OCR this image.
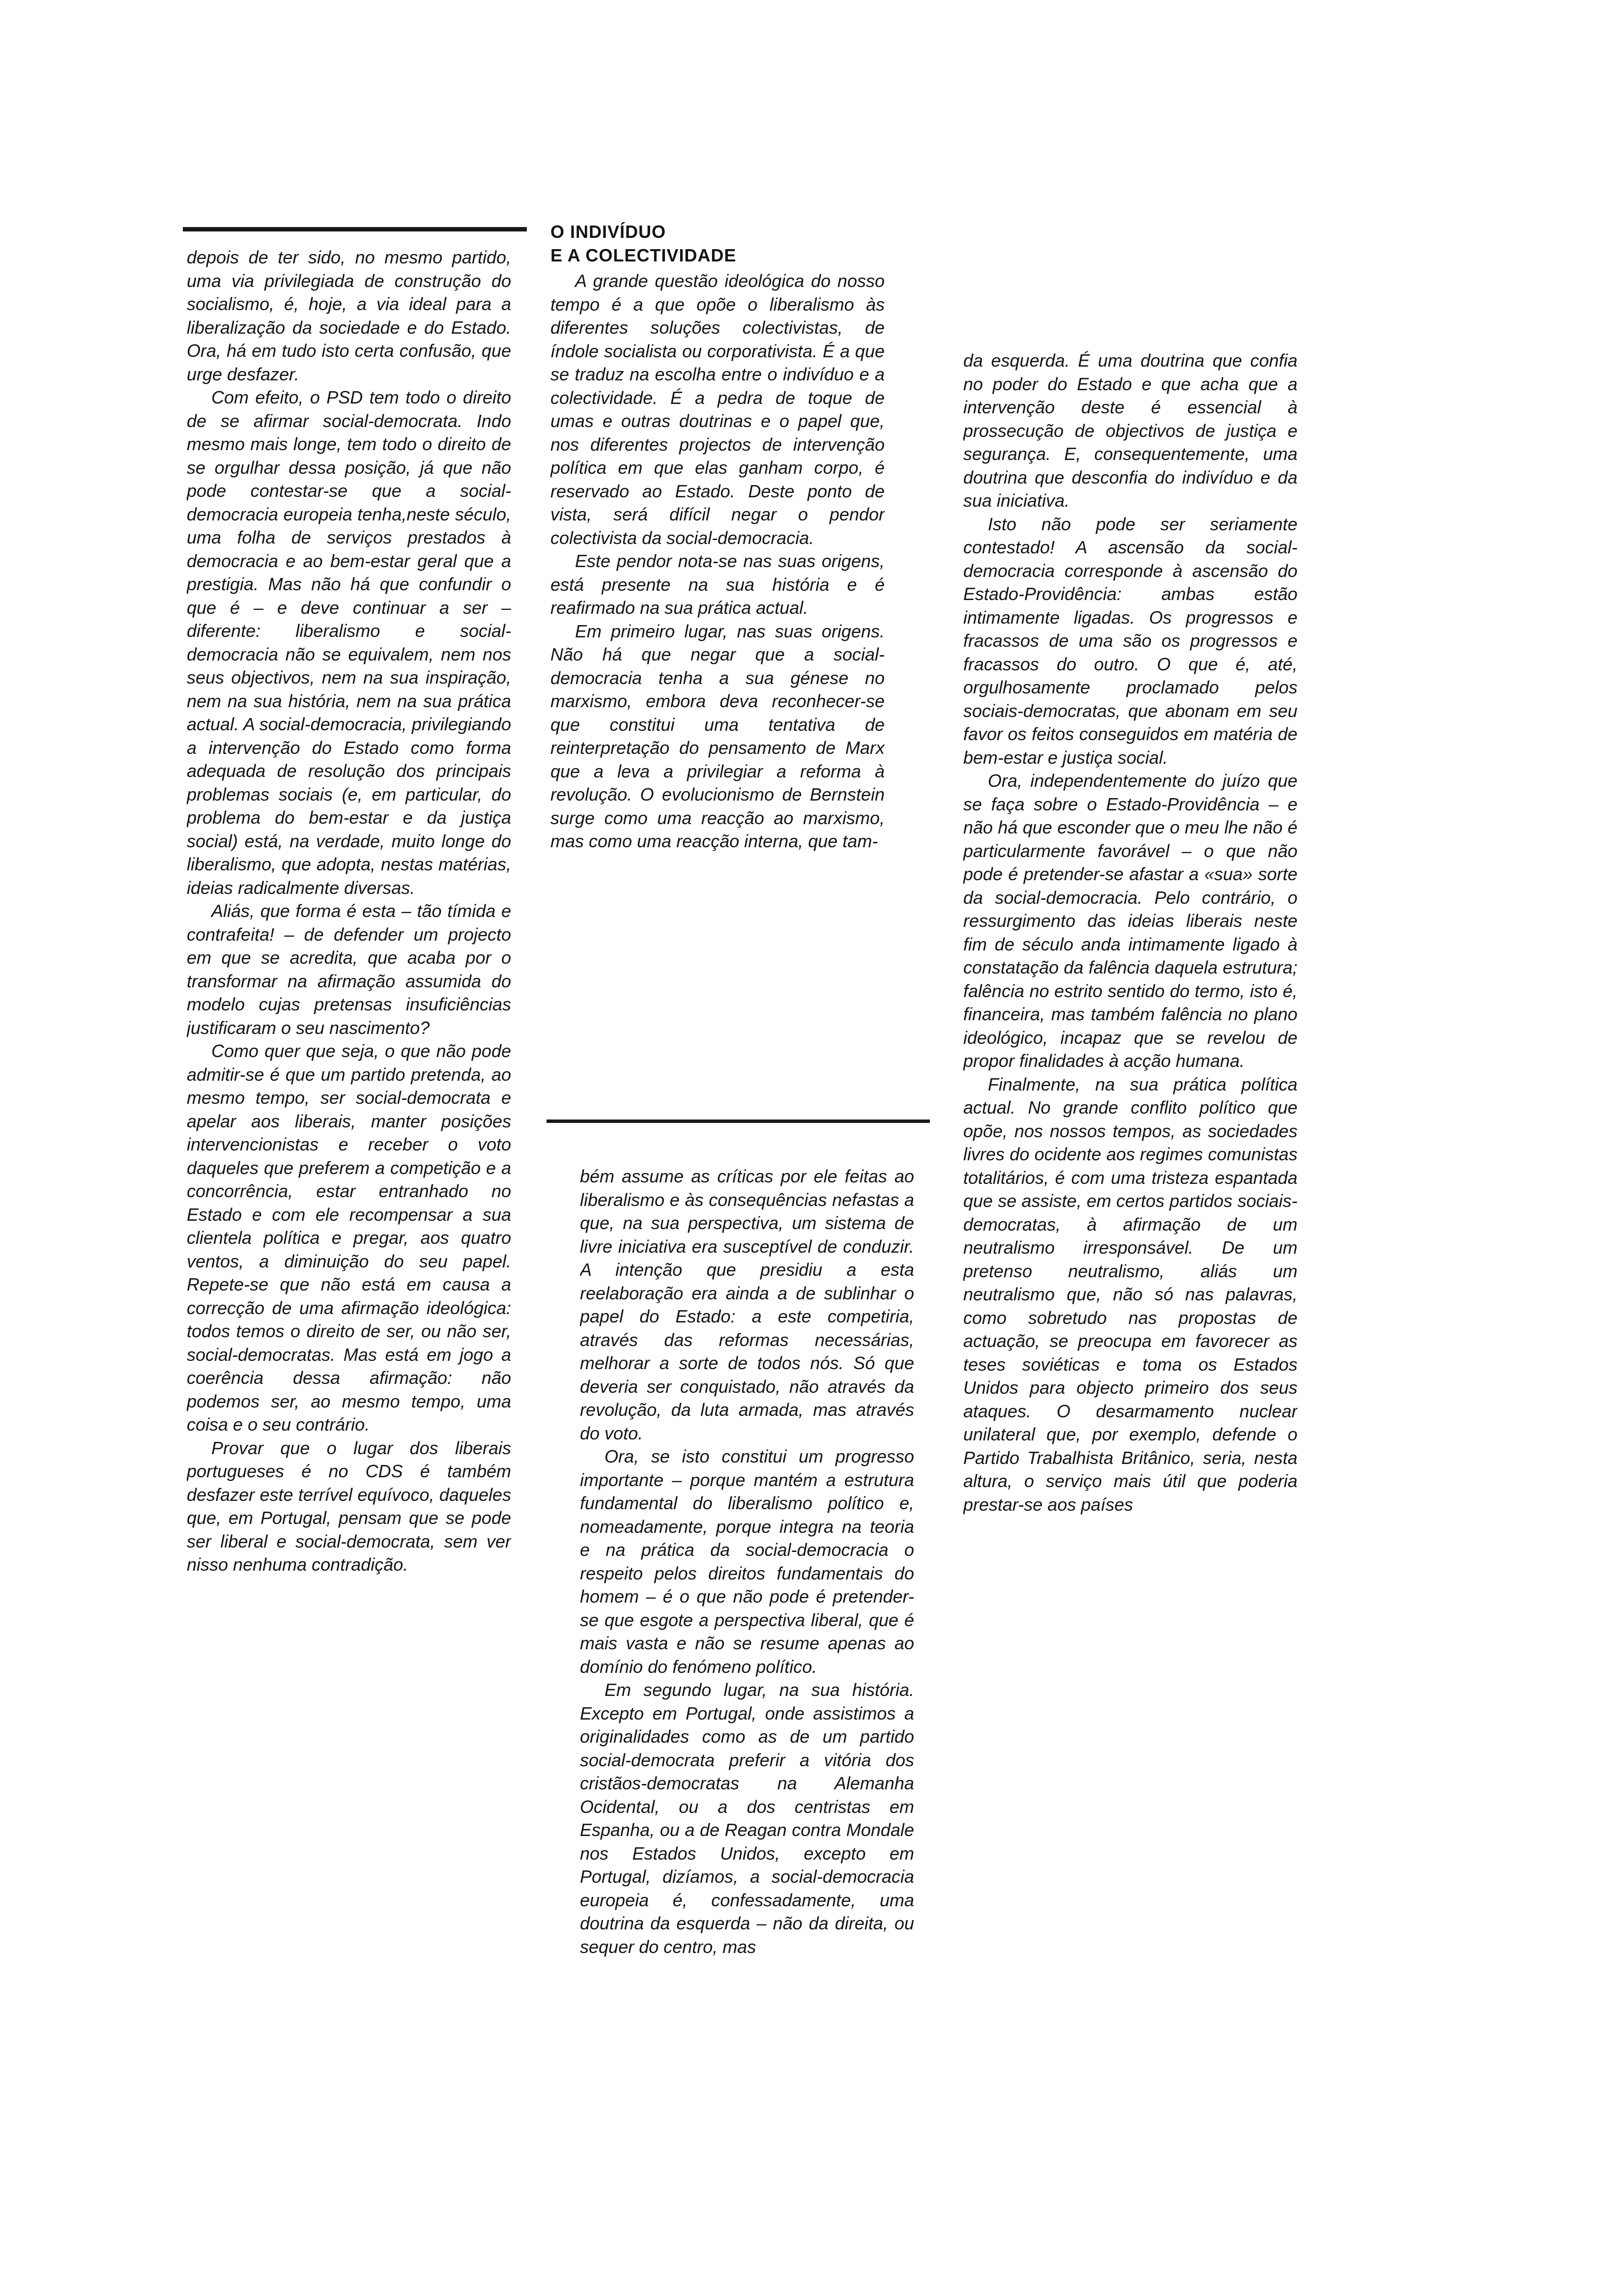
depois de ter sido, no mesmo partido, uma via privilegiada de construção do socialismo, é, hoje, a via ideal para a liberalização da sociedade e do Estado. Ora, há em tudo isto certa confusão, que urge desfazer.

Com efeito, o PSD tem todo o direito de se afirmar social-democrata. Indo mesmo mais longe, tem todo o direito de se orgulhar dessa posição, já que não pode contestar-se que a social-democracia europeia tenha,neste século, uma folha de serviços prestados à democracia e ao bem-estar geral que a prestigia. Mas não há que confundir o que é – e deve continuar a ser – diferente: liberalismo e social-democracia não se equivalem, nem nos seus objectivos, nem na sua inspiração, nem na sua história, nem na sua prática actual. A social-democracia, privilegiando a intervenção do Estado como forma adequada de resolução dos principais problemas sociais (e, em particular, do problema do bem-estar e da justiça social) está, na verdade, muito longe do liberalismo, que adopta, nestas matérias, ideias radicalmente diversas.

Aliás, que forma é esta – tão tímida e contrafeita! – de defender um projecto em que se acredita, que acaba por o transformar na afirmação assumida do modelo cujas pretensas insuficiências justificaram o seu nascimento?

Como quer que seja, o que não pode admitir-se é que um partido pretenda, ao mesmo tempo, ser social-democrata e apelar aos liberais, manter posições intervencionistas e receber o voto daqueles que preferem a competição e a concorrência, estar entranhado no Estado e com ele recompensar a sua clientela política e pregar, aos quatro ventos, a diminuição do seu papel. Repete-se que não está em causa a correcção de uma afirmação ideológica: todos temos o direito de ser, ou não ser, social-democratas. Mas está em jogo a coerência dessa afirmação: não podemos ser, ao mesmo tempo, uma coisa e o seu contrário.

Provar que o lugar dos liberais portugueses é no CDS é também desfazer este terrível equívoco, daqueles que, em Portugal, pensam que se pode ser liberal e social-democrata, sem ver nisso nenhuma contradição.

O INDIVÍDUO
E A COLECTIVIDADE

A grande questão ideológica do nosso tempo é a que opõe o liberalismo às diferentes soluções colectivistas, de índole socialista ou corporativista. É a que se traduz na escolha entre o indivíduo e a colectividade. É a pedra de toque de umas e outras doutrinas e o papel que, nos diferentes projectos de intervenção política em que elas ganham corpo, é reservado ao Estado. Deste ponto de vista, será difícil negar o pendor colectivista da social-democracia.

Este pendor nota-se nas suas origens, está presente na sua história e é reafirmado na sua prática actual.

Em primeiro lugar, nas suas origens. Não há que negar que a social-democracia tenha a sua génese no marxismo, embora deva reconhecer-se que constitui uma tentativa de reinterpretação do pensamento de Marx que a leva a privilegiar a reforma à revolução. O evolucionismo de Bernstein surge como uma reacção ao marxismo, mas como uma reacção interna, que tam-

bém assume as críticas por ele feitas ao liberalismo e às consequências nefastas a que, na sua perspectiva, um sistema de livre iniciativa era susceptível de conduzir. A intenção que presidiu a esta reelaboração era ainda a de sublinhar o papel do Estado: a este competiria, através das reformas necessárias, melhorar a sorte de todos nós. Só que deveria ser conquistado, não através da revolução, da luta armada, mas através do voto.

Ora, se isto constitui um progresso importante – porque mantém a estrutura fundamental do liberalismo político e, nomeadamente, porque integra na teoria e na prática da social-democracia o respeito pelos direitos fundamentais do homem – é o que não pode é pretender-se que esgote a perspectiva liberal, que é mais vasta e não se resume apenas ao domínio do fenómeno político.

Em segundo lugar, na sua história. Excepto em Portugal, onde assistimos a originalidades como as de um partido social-democrata preferir a vitória dos cristãos-democratas na Alemanha Ocidental, ou a dos centristas em Espanha, ou a de Reagan contra Mondale nos Estados Unidos, excepto em Portugal, dizíamos, a social-democracia europeia é, confessadamente, uma doutrina da esquerda – não da direita, ou sequer do centro, mas

da esquerda. É uma doutrina que confia no poder do Estado e que acha que a intervenção deste é essencial à prossecução de objectivos de justiça e segurança. E, consequentemente, uma doutrina que desconfia do indivíduo e da sua iniciativa.

Isto não pode ser seriamente contestado! A ascensão da social-democracia corresponde à ascensão do Estado-Providência: ambas estão intimamente ligadas. Os progressos e fracassos de uma são os progressos e fracassos do outro. O que é, até, orgulhosamente proclamado pelos sociais-democratas, que abonam em seu favor os feitos conseguidos em matéria de bem-estar e justiça social.

Ora, independentemente do juízo que se faça sobre o Estado-Providência – e não há que esconder que o meu lhe não é particularmente favorável – o que não pode é pretender-se afastar a «sua» sorte da social-democracia. Pelo contrário, o ressurgimento das ideias liberais neste fim de século anda intimamente ligado à constatação da falência daquela estrutura; falência no estrito sentido do termo, isto é, financeira, mas também falência no plano ideológico, incapaz que se revelou de propor finalidades à acção humana.

Finalmente, na sua prática política actual. No grande conflito político que opõe, nos nossos tempos, as sociedades livres do ocidente aos regimes comunistas totalitários, é com uma tristeza espantada que se assiste, em certos partidos sociais-democratas, à afirmação de um neutralismo irresponsável. De um pretenso neutralismo, aliás um neutralismo que, não só nas palavras, como sobretudo nas propostas de actuação, se preocupa em favorecer as teses soviéticas e toma os Estados Unidos para objecto primeiro dos seus ataques. O desarmamento nuclear unilateral que, por exemplo, defende o Partido Trabalhista Britânico, seria, nesta altura, o serviço mais útil que poderia prestar-se aos países
